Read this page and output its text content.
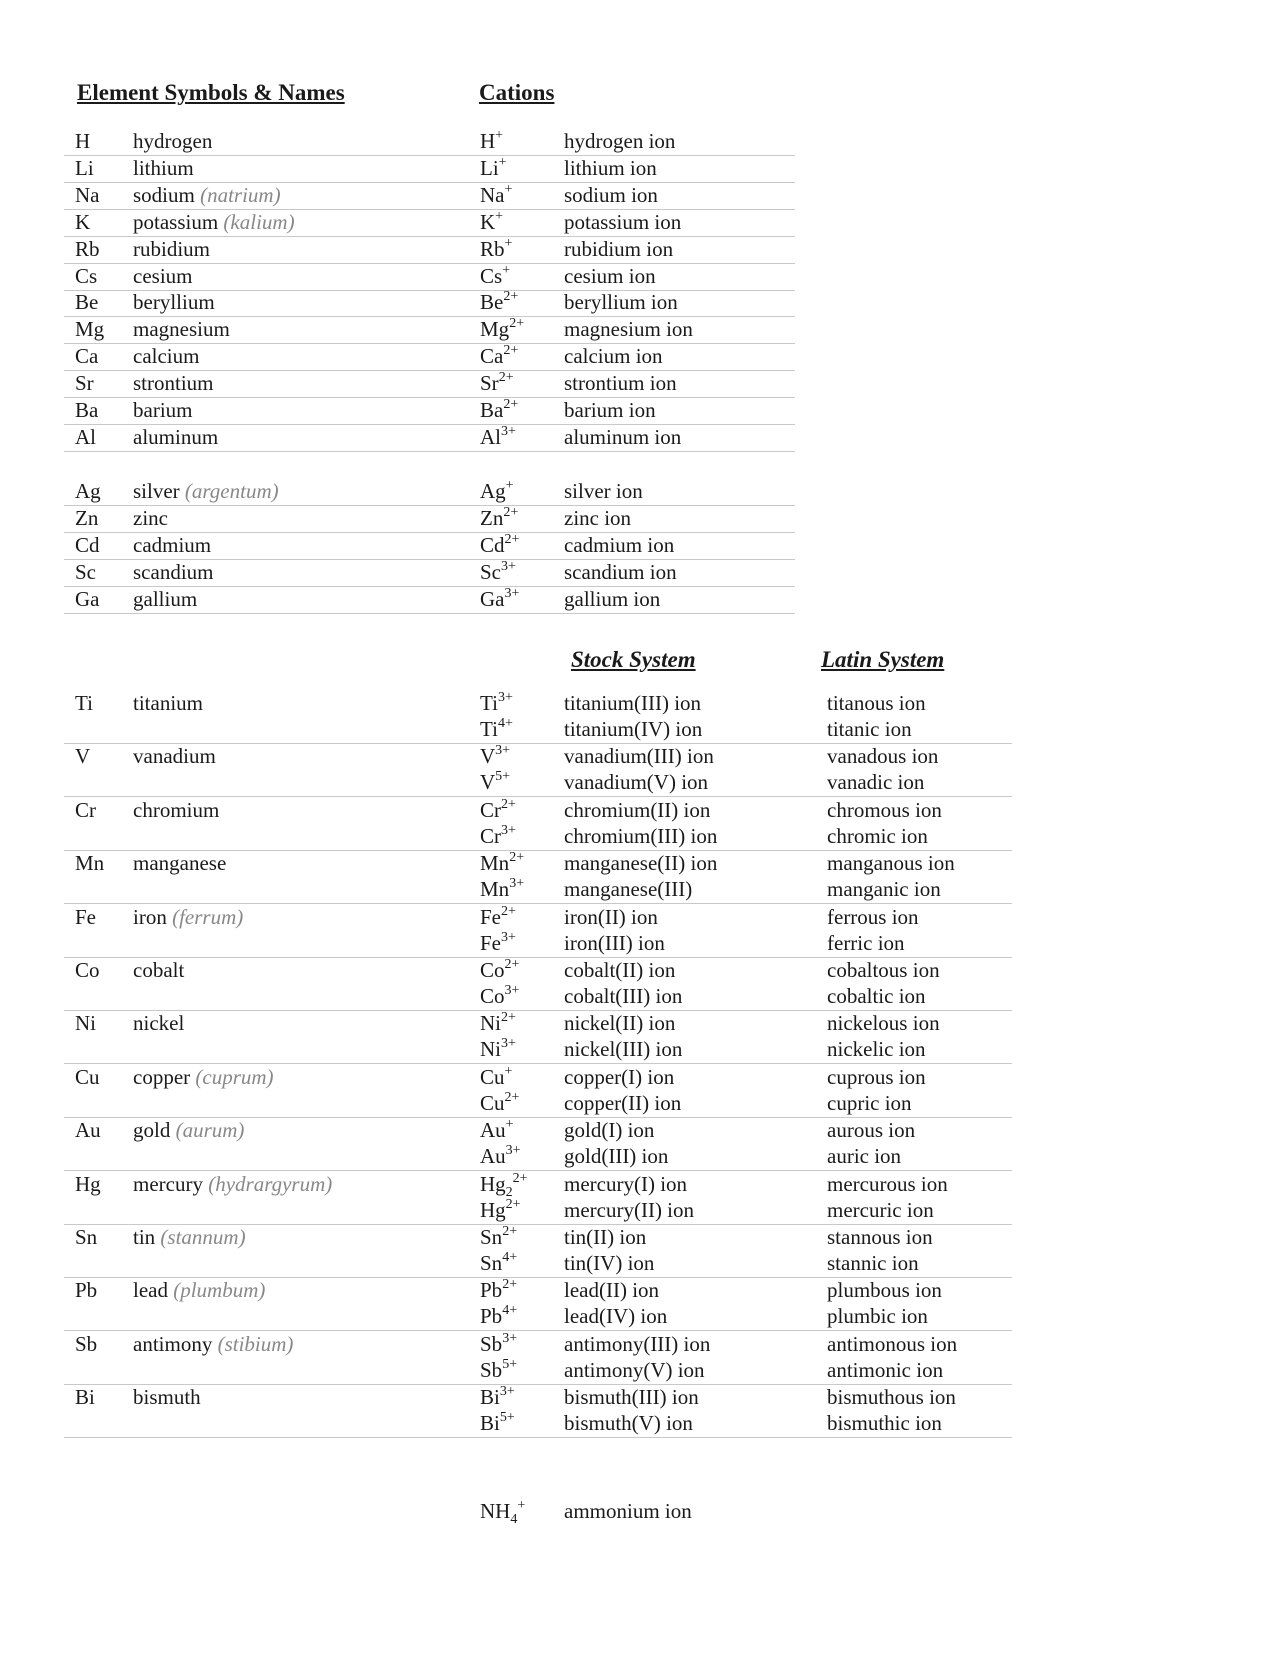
Element Symbols & Names	Cations
Stock System	Latin System
H hydrogen	H+	hydrogen ion
Li lithium	Li+	lithium ion
Na sodium (natrium)	Na+ sodium ion
K potassium (kalium)	K+	potassium ion
Rb rubidium	Rb+ rubidium ion
Cs cesium	Cs+	cesium ion
Be beryllium	$Be^{2+}$ beryllium ion
Mg magnesium	$Mg^{2+}$ magnesium ion
Ca calcium	$Ca^{2+}$ calcium ion
Sr strontium	$Sr^{2+}$ strontium ion
Ba barium	$Ba^{2+}$ barium ion
Al aluminum	$Al^{3+}$ aluminum ion
Ag silver (argentum)	Ag+ silver ion
Zn zinc	$Zn^{2+}$ zinc ion
Cd cadmium	$Cd^{2+}$ cadmium ion
Sc scandium	$Sc^{3+}$ scandium ion
Ga gallium	$Ga^{3+}$ gallium ion
Ti titanium	$Ti^{3+}$ titanium(III) ion	titanous ion
$Ti^{4+}$ titanium(IV) ion	titanic ion
V vanadium	$V^{3+}$	vanadium(III) ion	vanadous ion
$V^{5+}$	vanadium(V) ion	vanadic ion
Cr chromium	$Cr^{2+}$ chromium(II) ion	chromous ion
$Cr^{3+}$ chromium(III) ion	chromic ion
Mn manganese	$Mn^{2+}$ manganese(II) ion	manganous ion
$Mn^{3+}$ manganese(III)	manganic ion
Fe iron (ferrum)	$Fe^{2+}$ iron(II) ion	ferrous ion
$Fe^{3+}$ iron(III) ion	ferric ion
Co cobalt	$Co^{2+}$ cobalt(II) ion	cobaltous ion
$Co^{3+}$ cobalt(III) ion	cobaltic ion
Ni nickel	$Ni^{2+}$ nickel(II) ion	nickelous ion
$Ni^{3+}$ nickel(III) ion	nickelic ion
Cu copper (cuprum)	Cu+ copper(I) ion	cuprous ion
$Cu^{2+}$ copper(II) ion	cupric ion
Au gold (aurum)	Au+ gold(I) ion	aurous ion
$Au^{3+}$ gold(III) ion	auric ion
Hg mercury (hydrargyrum)	$Hg_2^{2+}$ mercury(I) ion	mercurous ion
$Hg^{2+}$ mercury(II) ion	mercuric ion
Sn tin (stannum)	$Sn^{2+}$ tin(II) ion	stannous ion
$Sn^{4+}$ tin(IV) ion	stannic ion
Pb lead (plumbum)	$Pb^{2+}$ lead(II) ion	plumbous ion
$Pb^{4+}$ lead(IV) ion	plumbic ion
Sb antimony (stibium)	$Sb^{3+}$ antimony(III) ion	antimonous ion
$Sb^{5+}$ antimony(V) ion	antimonic ion
Bi bismuth	$Bi^{3+}$ bismuth(III) ion	bismuthous ion
$Bi^{5+}$ bismuth(V) ion	bismuthic ion
$NH_4^+$ ammonium ion
